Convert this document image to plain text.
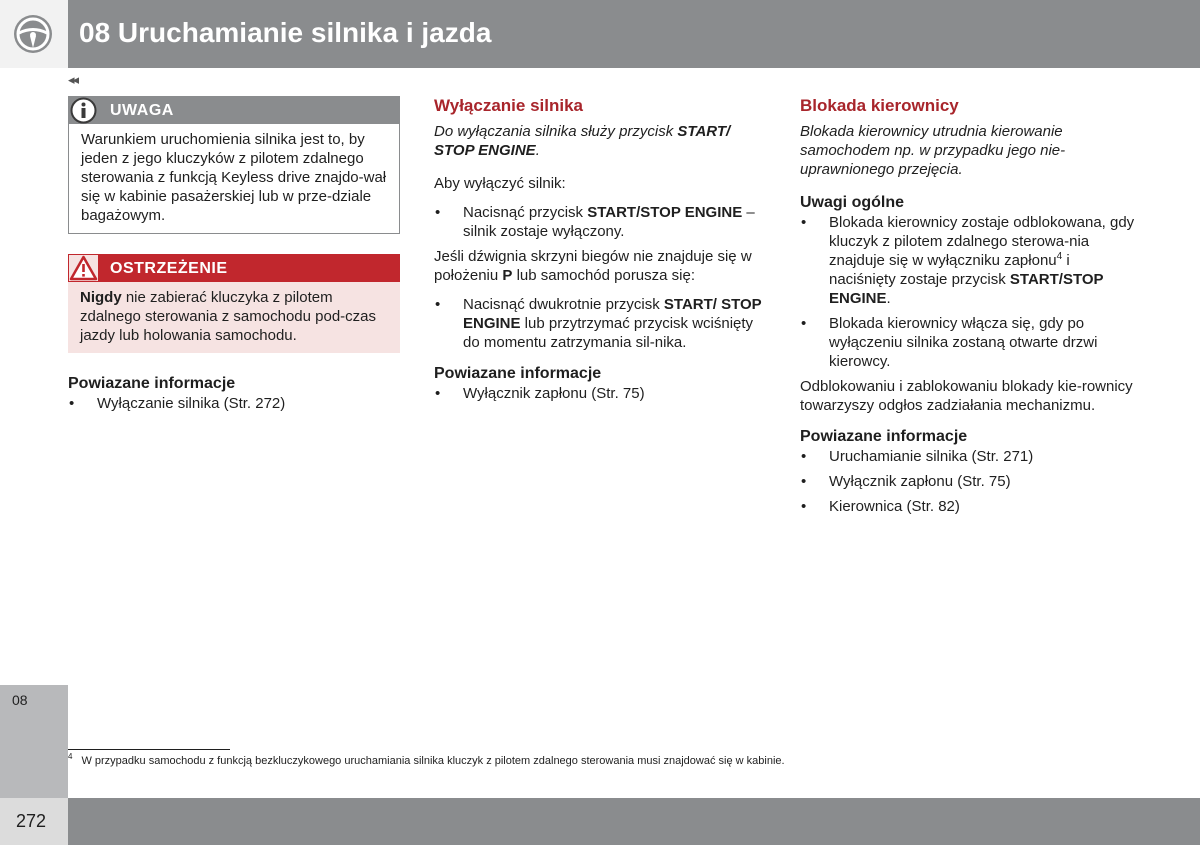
08 Uruchamianie silnika i jazda
08
◂◂
UWAGA
Warunkiem uruchomienia silnika jest to, by jeden z jego kluczyków z pilotem zdalnego sterowania z funkcją Keyless drive znajdo-wał się w kabinie pasażerskiej lub w prze-dziale bagażowym.
OSTRZEŻENIE
Nigdy nie zabierać kluczyka z pilotem zdalnego sterowania z samochodu pod-czas jazdy lub holowania samochodu.
Powiazane informacje
• Wyłączanie silnika (Str. 272)
Wyłączanie silnika

Do wyłączania silnika służy przycisk START/ STOP ENGINE.

Aby wyłączyć silnik:

• Nacisnąć przycisk START/STOP ENGINE – silnik zostaje wyłączony.

Jeśli dźwignia skrzyni biegów nie znajduje się w położeniu P lub samochód porusza się:

• Nacisnąć dwukrotnie przycisk START/ STOP ENGINE lub przytrzymać przycisk wciśnięty do momentu zatrzymania sil-nika.
Powiazane informacje
• Wyłącznik zapłonu (Str. 75)
Blokada kierownicy

Blokada kierownicy utrudnia kierowanie samochodem np. w przypadku jego nie-uprawnionego przejęcia.

Uwagi ogólne
• Blokada kierownicy zostaje odblokowana, gdy kluczyk z pilotem zdalnego sterowa-nia znajduje się w wyłączniku zapłonu$^4$ i naciśnięty zostaje przycisk START/STOP ENGINE.
• Blokada kierownicy włącza się, gdy po wyłączeniu silnika zostaną otwarte drzwi kierowcy.

Odblokowaniu i zablokowaniu blokady kie-rownicy towarzyszy odgłos zadziałania mechanizmu.

Powiazane informacje
• Uruchamianie silnika (Str. 271)
• Wyłącznik zapłonu (Str. 75)
• Kierownica (Str. 82)
$^4$ W przypadku samochodu z funkcją bezkluczykowego uruchamiania silnika kluczyk z pilotem zdalnego sterowania musi znajdować się w kabinie.
272
